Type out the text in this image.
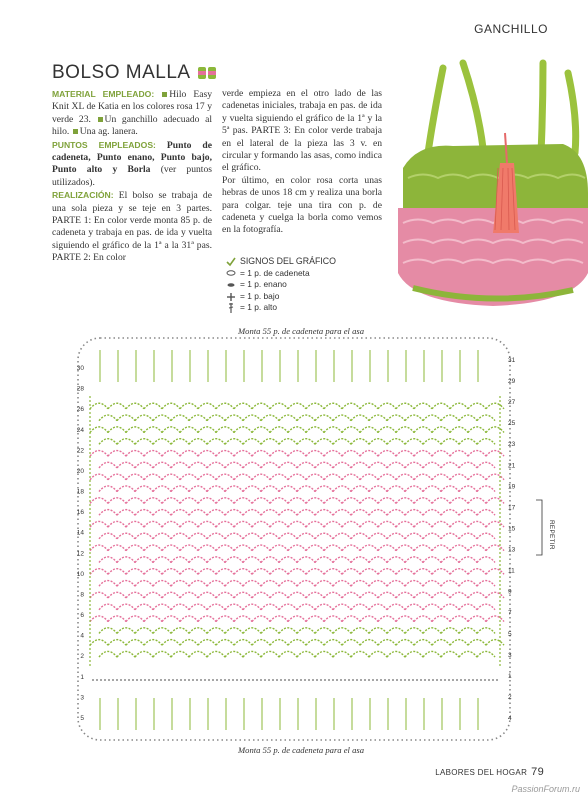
GANCHILLO
BOLSO MALLA

MATERIAL EMPLEADO: Hilo Easy Knit XL de Katia en los colores rosa 17 y verde 23. Un ganchillo adecuado al hilo. Una ag. lanera.

PUNTOS EMPLEADOS: Punto de cadeneta, Punto enano, Punto bajo, Punto alto y Borla (ver puntos utilizados).

REALIZACIÓN: El bolso se trabaja de una sola pieza y se teje en 3 partes. PARTE 1: En color verde monta 85 p. de cadeneta y trabaja en pas. de ida y vuelta siguiendo el gráfico de la 1ª a la 31ª pas. PARTE 2: En color

verde empieza en el otro lado de las cadenetas iniciales, trabaja en pas. de ida y vuelta siguiendo el gráfico de la 1ª y la 5ª pas. PARTE 3: En color verde trabaja en el lateral de la pieza las 3 v. en circular y formando las asas, como indica el gráfico.

Por último, en color rosa corta unas hebras de unos 18 cm y realiza una borla para colgar. teje una tira con p. de cadeneta y cuelga la borla como vemos en la fotografía.

SIGNOS DEL GRÁFICO
= 1 p. de cadeneta
= 1 p. enano
= 1 p. bajo
= 1 p. alto
Monta 55 p. de cadeneta para el asa
Monta 55 p. de cadeneta para el asa
REPETIR
30
28
26
24
22
20
18
16
14
12
10
8
6
4
2
1
3
5
31
29
27
25
23
21
19
17
15
13
11
9
7
5
3
1
2
4
LABORES DEL HOGAR 79
PassionForum.ru
